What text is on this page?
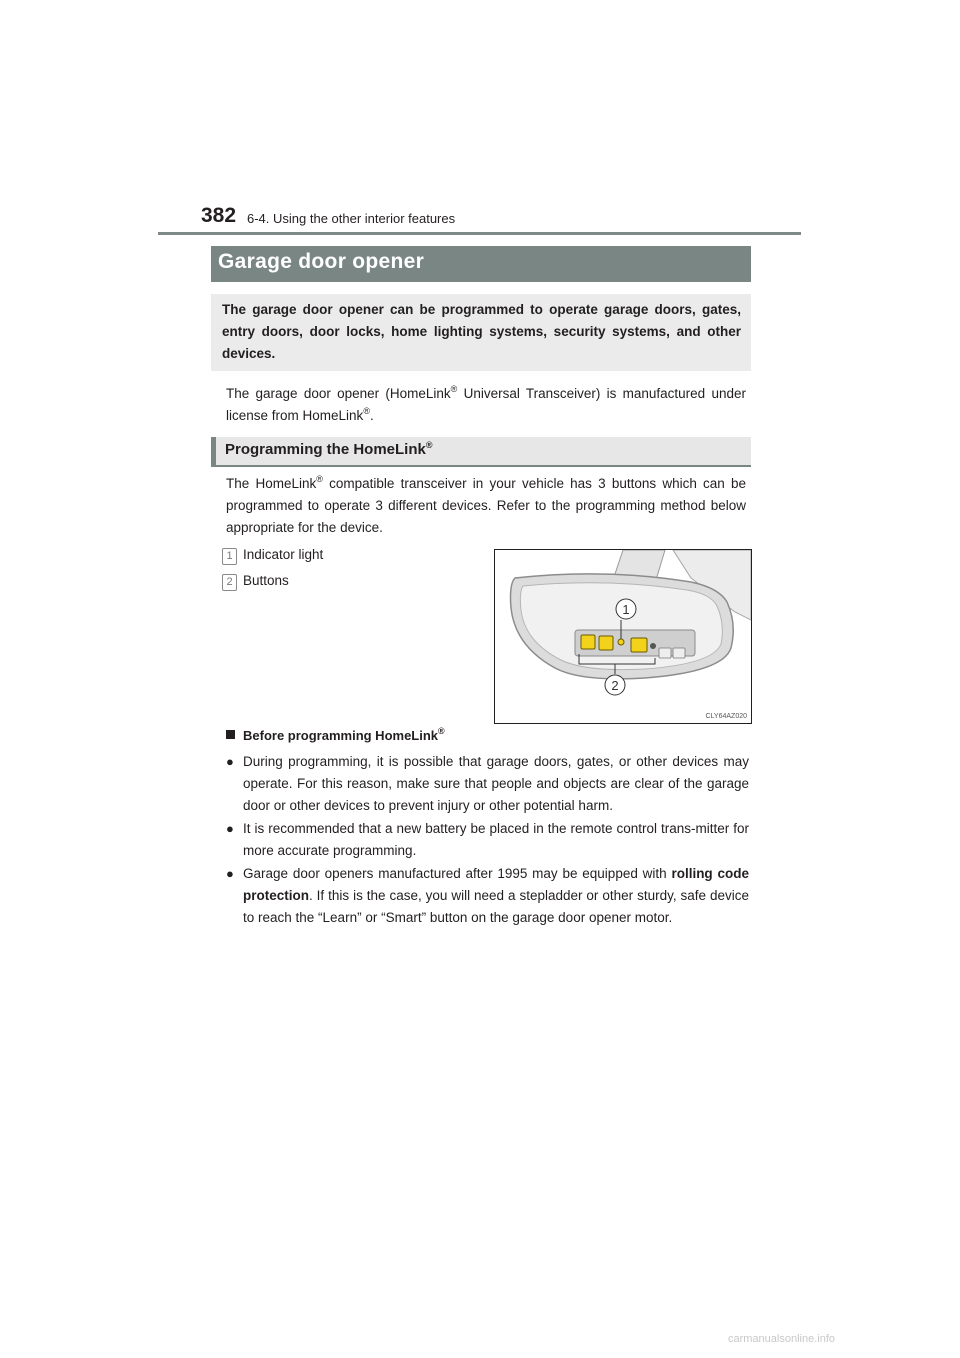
382 6-4. Using the other interior features
Garage door opener
The garage door opener can be programmed to operate garage doors, gates, entry doors, door locks, home lighting systems, security systems, and other devices.
The garage door opener (HomeLink® Universal Transceiver) is manufactured under license from HomeLink®.
Programming the HomeLink®
The HomeLink® compatible transceiver in your vehicle has 3 buttons which can be programmed to operate 3 different devices. Refer to the programming method below appropriate for the device.
1 Indicator light
2 Buttons
1
2
CLY64AZ020
Before programming HomeLink®
● During programming, it is possible that garage doors, gates, or other devices may operate. For this reason, make sure that people and objects are clear of the garage door or other devices to prevent injury or other potential harm.
● It is recommended that a new battery be placed in the remote control trans-mitter for more accurate programming.
● Garage door openers manufactured after 1995 may be equipped with rolling code protection. If this is the case, you will need a stepladder or other sturdy, safe device to reach the “Learn” or “Smart” button on the garage door opener motor.
carmanualsonline.info
